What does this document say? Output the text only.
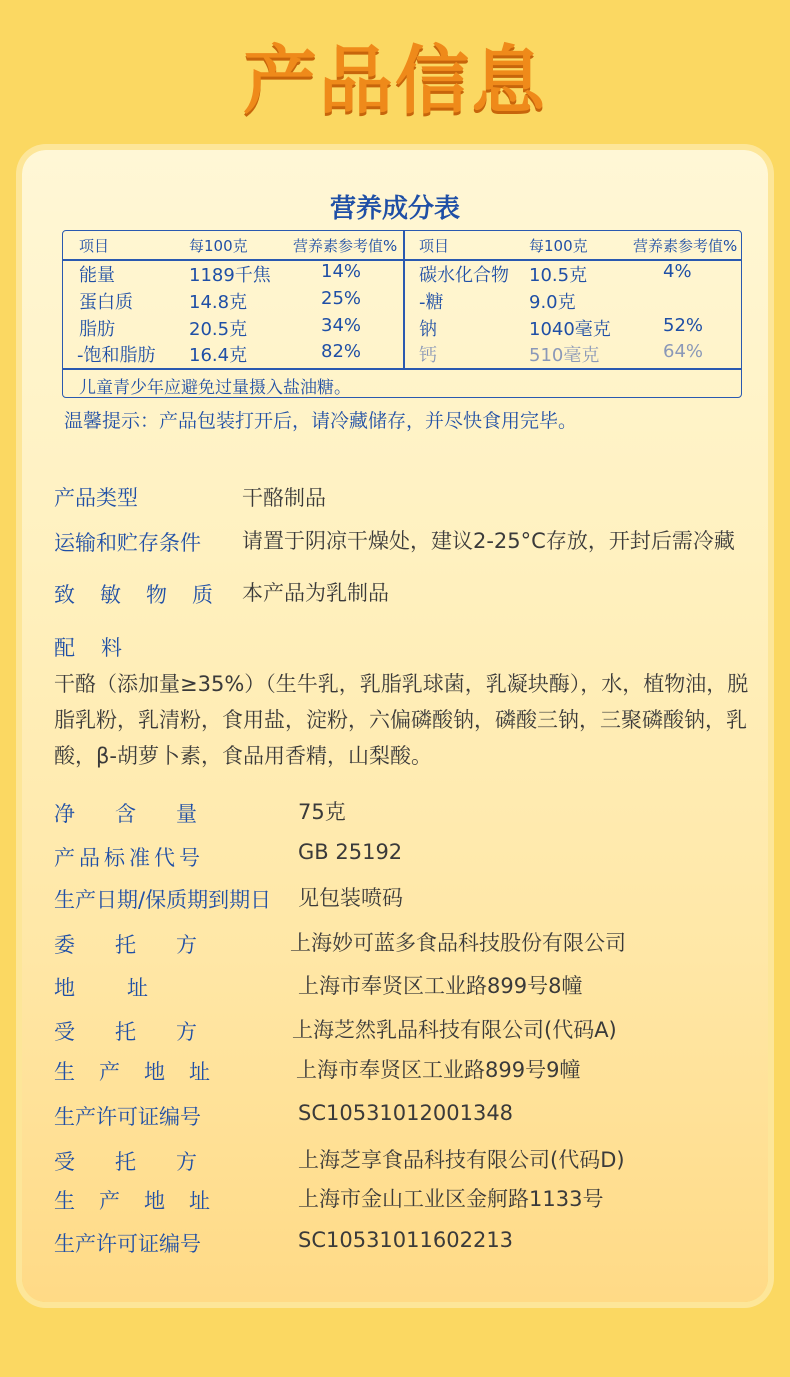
产品信息
营养成分表
项目	每100克	营养素参考值% 项目	每100克	营养素参考值%
能量	1189千焦	14%
蛋白质	14.8克	25%
脂肪	20.5克	34%
-饱和脂肪 16.4克	82%
碳水化合物 10.5克	4%
-糖	9.0克
钠	1040毫克	52%
钙	510毫克	64%
儿童青少年应避免过量摄入盐油糖。
温馨提示：产品包装打开后，请冷藏储存，并尽快食用完毕。
产品类型	干酪制品
运输和贮存条件 请置于阴凉干燥处，建议2-25°C存放，开封后需冷藏
致敏物质 本产品为乳制品
配料
干酪（添加量≥35%）（生牛乳，乳脂乳球菌，乳凝块酶），水，植物油，脱脂乳粉，乳清粉，食用盐，淀粉，六偏磷酸钠，磷酸三钠，三聚磷酸钠，乳酸，β-胡萝卜素，食品用香精，山梨酸。
净含量	75克
产品标准代号	GB 25192
生产日期/保质期到期日 见包装喷码
委托方	上海妙可蓝多食品科技股份有限公司
地址	上海市奉贤区工业路899号8幢
受托方	上海芝然乳品科技有限公司(代码A)
生产地址	上海市奉贤区工业路899号9幢
生产许可证编号	SC10531012001348
受托方	上海芝享食品科技有限公司(代码D)
生产地址	上海市金山工业区金舸路1133号
生产许可证编号	SC10531011602213
